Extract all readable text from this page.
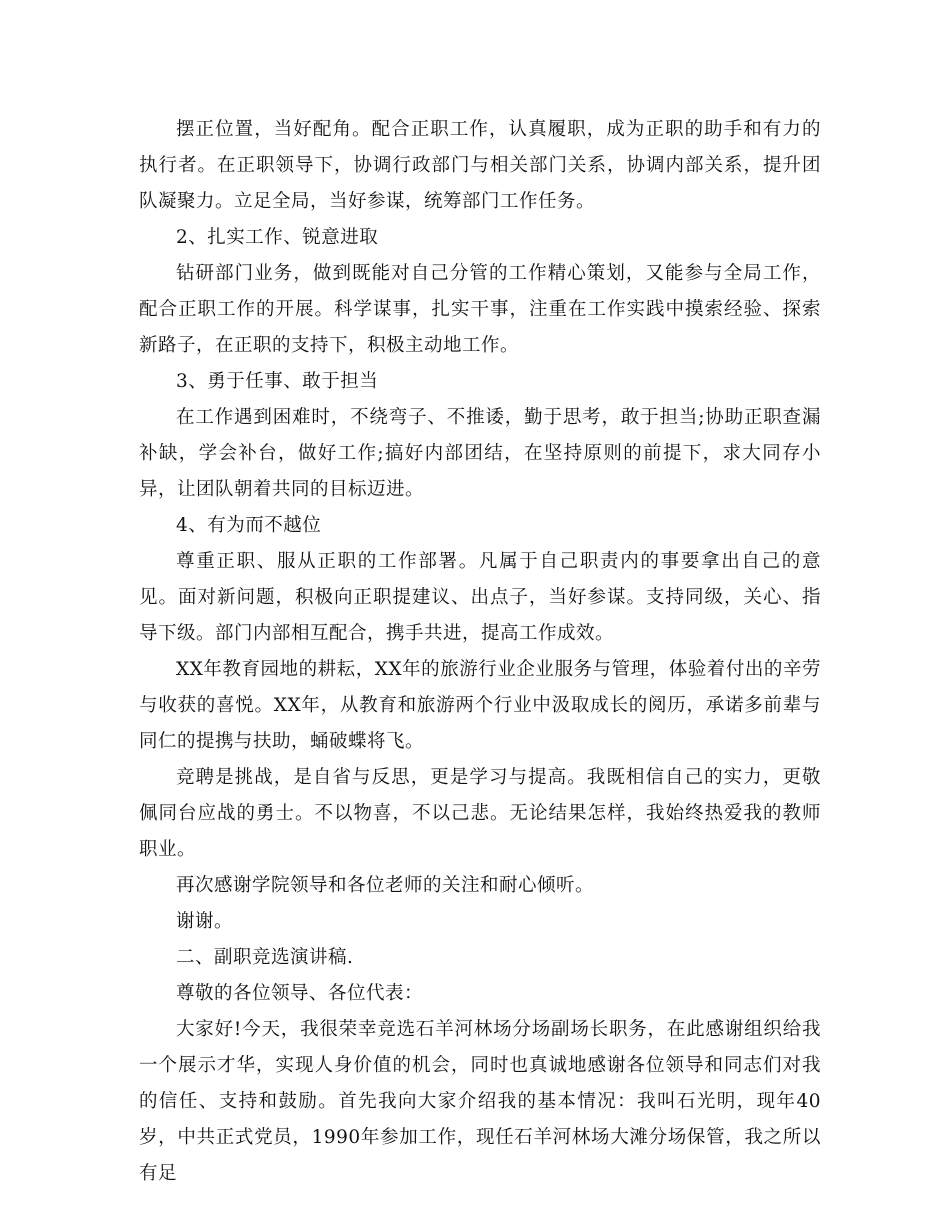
摆正位置，当好配角。配合正职工作，认真履职，成为正职的助手和有力的执行者。在正职领导下，协调行政部门与相关部门关系，协调内部关系，提升团队凝聚力。立足全局，当好参谋，统筹部门工作任务。

2、扎实工作、锐意进取

钻研部门业务，做到既能对自己分管的工作精心策划，又能参与全局工作，配合正职工作的开展。科学谋事，扎实干事，注重在工作实践中摸索经验、探索新路子，在正职的支持下，积极主动地工作。

3、勇于任事、敢于担当

在工作遇到困难时，不绕弯子、不推诿，勤于思考，敢于担当;协助正职查漏补缺，学会补台，做好工作;搞好内部团结，在坚持原则的前提下，求大同存小异，让团队朝着共同的目标迈进。

4、有为而不越位

尊重正职、服从正职的工作部署。凡属于自己职责内的事要拿出自己的意见。面对新问题，积极向正职提建议、出点子，当好参谋。支持同级，关心、指导下级。部门内部相互配合，携手共进，提高工作成效。

XX年教育园地的耕耘，XX年的旅游行业企业服务与管理，体验着付出的辛劳与收获的喜悦。XX年，从教育和旅游两个行业中汲取成长的阅历，承诺多前辈与同仁的提携与扶助，蛹破蝶将飞。

竞聘是挑战，是自省与反思，更是学习与提高。我既相信自己的实力，更敬佩同台应战的勇士。不以物喜，不以己悲。无论结果怎样，我始终热爱我的教师职业。

再次感谢学院领导和各位老师的关注和耐心倾听。

谢谢。

二、副职竞选演讲稿.

尊敬的各位领导、各位代表：

大家好!今天，我很荣幸竞选石羊河林场分场副场长职务，在此感谢组织给我一个展示才华，实现人身价值的机会，同时也真诚地感谢各位领导和同志们对我的信任、支持和鼓励。首先我向大家介绍我的基本情况：我叫石光明，现年40岁，中共正式党员，1990年参加工作，现任石羊河林场大滩分场保管，我之所以有足
